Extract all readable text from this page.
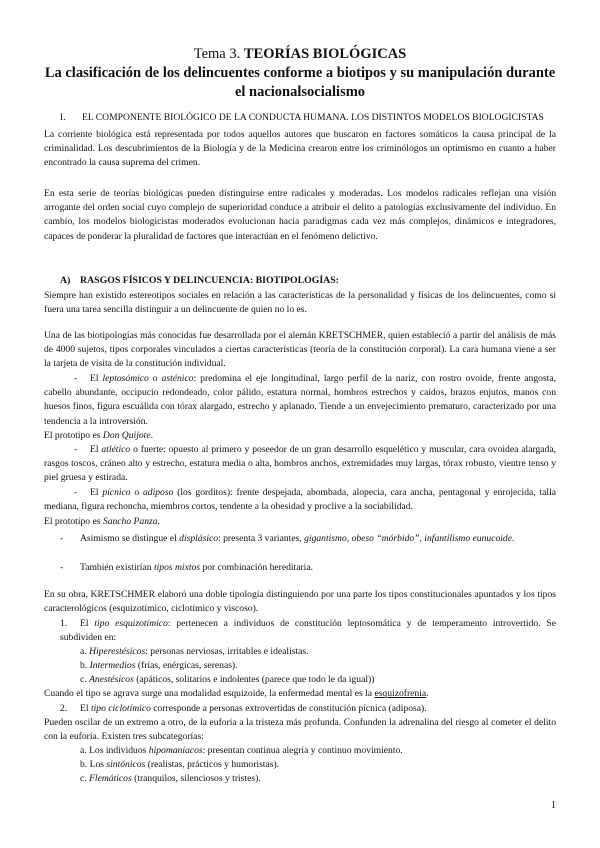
Tema 3. TEORÍAS BIOLÓGICAS
La clasificación de los delincuentes conforme a biotipos y su manipulación durante el nacionalsocialismo
I. EL COMPONENTE BIOLÓGICO DE LA CONDUCTA HUMANA. LOS DISTINTOS MODELOS BIOLOGICISTAS

La corriente biológica está representada por todos aquellos autores que buscaron en factores somáticos la causa principal de la criminalidad. Los descubrimientos de la Biología y de la Medicina crearon entre los criminólogos un optimismo en cuanto a haber encontrado la causa suprema del crimen.

En esta serie de teorías biológicas pueden distinguirse entre radicales y moderadas. Los modelos radicales reflejan una visión arrogante del orden social cuyo complejo de superioridad conduce a atribuir el delito a patologías exclusivamente del individuo. En cambio, los modelos biologicistas moderados evolucionan hacia paradigmas cada vez más complejos, dinámicos e integradores, capaces de ponderar la pluralidad de factores que interactúan en el fenómeno delictivo.

A) RASGOS FÍSICOS Y DELINCUENCIA: BIOTIPOLOGÍAS:

Siempre han existido estereotipos sociales en relación a las características de la personalidad y físicas de los delincuentes, como si fuera una tarea sencilla distinguir a un delincuente de quien no lo es.

Una de las biotipologías más conocidas fue desarrollada por el alemán KRETSCHMER, quien estableció a partir del análisis de más de 4000 sujetos, tipos corporales vinculados a ciertas características (teoría de la constitución corporal). La cara humana viene a ser la tarjeta de visita de la constitución individual.

- El leptosómico o asténico: predomina el eje longitudinal, largo perfil de la nariz, con rostro ovoide, frente angosta, cabello abundante, occipucio redondeado, color pálido, estatura normal, hombros estrechos y caídos, brazos enjutos, manos con huesos finos, figura escuálida con tórax alargado, estrecho y aplanado. Tiende a un envejecimiento prematuro, caracterizado por una tendencia a la introversión.

El prototipo es Don Quijote.

- El atlético o fuerte: opuesto al primero y poseedor de un gran desarrollo esquelético y muscular, cara ovoidea alargada, rasgos toscos, cráneo alto y estrecho, estatura media o alta, hombros anchos, extremidades muy largas, tórax robusto, vientre tenso y piel gruesa y estirada.

- El pícnico o adiposo (los gorditos): frente despejada, abombada, alopecia, cara ancha, pentagonal y enrojecida, talla mediana, figura rechoncha, miembros cortos, tendente a la obesidad y proclive a la sociabilidad.

El prototipo es Sancho Panza.

- Asimismo se distingue el displásico: presenta 3 variantes, gigantismo, obeso “mórbido”, infantilismo eunucoide.

- También existirían tipos mixtos por combinación hereditaria.

En su obra, KRETSCHMER elaboró una doble tipología distinguiendo por una parte los tipos constitucionales apuntados y los tipos caracterológicos (esquizotímico, ciclotímico y viscoso).

1. El tipo esquizotímico: pertenecen a individuos de constitución leptosomática y de temperamento introvertido. Se subdividen en:

a. Hiperestésicos: personas nerviosas, irritables e idealistas.

b. Intermedios (frías, enérgicas, serenas).

c. Anestésicos (apáticos, solitarios e indolentes (parece que todo le da igual))

Cuando el tipo se agrava surge una modalidad esquizoide, la enfermedad mental es la esquizofrenia.

2. El tipo ciclotímico corresponde a personas extrovertidas de constitución pícnica (adiposa).

Pueden oscilar de un extremo a otro, de la euforia a la tristeza más profunda. Confunden la adrenalina del riesgo al cometer el delito con la euforia. Existen tres subcategorías:

a. Los individuos hipomaníacos: presentan continua alegría y continuo movimiento.

b. Los sintónicos (realistas, prácticos y humoristas).

c. Flemáticos (tranquilos, silenciosos y tristes).

1
